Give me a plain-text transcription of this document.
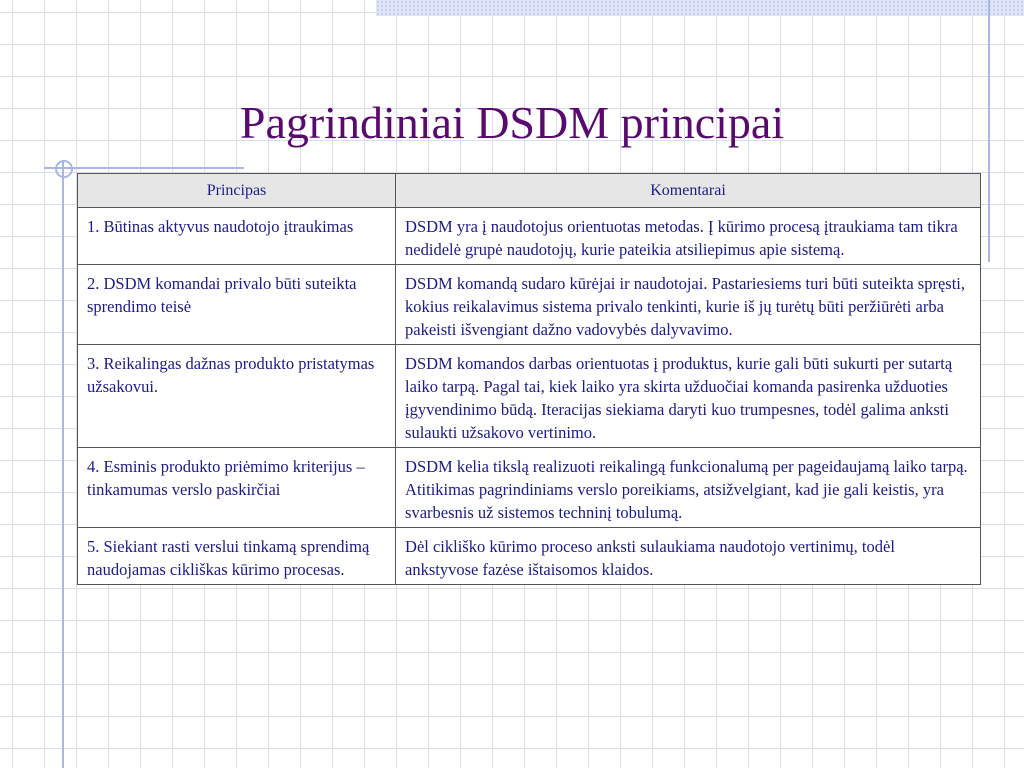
Pagrindiniai DSDM principai
Principas	Komentarai
1. Būtinas aktyvus naudotojo įtraukimas	DSDM yra į naudotojus orientuotas metodas. Į kūrimo procesą įtraukiama tam tikra nedidelė grupė naudotojų, kurie pateikia atsiliepimus apie sistemą.
2. DSDM komandai privalo būti suteikta sprendimo teisė	DSDM komandą sudaro kūrėjai ir naudotojai. Pastariesiems turi būti suteikta spręsti, kokius reikalavimus sistema privalo tenkinti, kurie iš jų turėtų būti peržiūrėti arba pakeisti išvengiant dažno vadovybės dalyvavimo.
3. Reikalingas dažnas produkto pristatymas užsakovui.	DSDM komandos darbas orientuotas į produktus, kurie gali būti sukurti per sutartą laiko tarpą. Pagal tai, kiek laiko yra skirta užduočiai komanda pasirenka užduoties įgyvendinimo būdą. Iteracijas siekiama daryti kuo trumpesnes, todėl galima anksti sulaukti užsakovo vertinimo.
4. Esminis produkto priėmimo kriterijus – tinkamumas verslo paskirčiai	DSDM kelia tikslą realizuoti reikalingą funkcionalumą per pageidaujamą laiko tarpą. Atitikimas pagrindiniams verslo poreikiams, atsižvelgiant, kad jie gali keistis, yra svarbesnis už sistemos techninį tobulumą.
5. Siekiant rasti verslui tinkamą sprendimą naudojamas cikliškas kūrimo procesas.	Dėl cikliško kūrimo proceso anksti sulaukiama naudotojo vertinimų, todėl ankstyvose fazėse ištaisomos klaidos.
